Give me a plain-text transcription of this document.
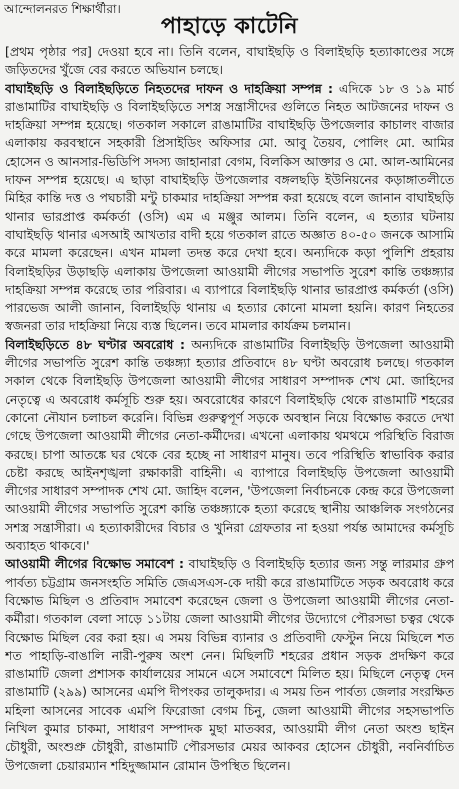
আন্দোলনরত শিক্ষার্থীরা।
পাহাড়ে কাটেনি

[প্রথম পৃষ্ঠার পর] দেওয়া হবে না। তিনি বলেন, বাঘাইছড়ি ও বিলাইছড়ি হত্যাকাণ্ডের সঙ্গে জড়িতদের খুঁজে বের করতে অভিযান চলছে।

বাঘাইছড়ি ও বিলাইছড়িতে নিহতদের দাফন ও দাহক্রিয়া সম্পন্ন : এদিকে ১৮ ও ১৯ মার্চ রাঙামাটির বাঘাইছড়ি ও বিলাইছড়িতে সশস্ত্র সন্ত্রাসীদের গুলিতে নিহত আটজনের দাফন ও দাহক্রিয়া সম্পন্ন হয়েছে। গতকাল সকালে রাঙামাটির বাঘাইছড়ি উপজেলার কাচালং বাজার এলাকায় করবস্থানে সহকারী প্রিসাইডিং অফিসার মো. আবু তৈয়ব, পোলিং মো. আমির হোসেন ও আনসার-ভিডিপি সদস্য জাহানারা বেগম, বিলকিস আক্তার ও মো. আল-আমিনের দাফন সম্পন্ন হয়েছে। এ ছাড়া বাঘাইছড়ি উপজেলার বঙ্গলছড়ি ইউনিয়নের কড়াঙ্গাতলীতে মিহির কান্তি দত্ত ও পঘচারী মন্টু চাকমার দাহক্রিয়া সম্পন্ন করা হয়েছে বলে জানান বাঘাইছড়ি থানার ভারপ্রাপ্ত কর্মকর্তা (ওসি) এম এ মঞ্জুর আলম। তিনি বলেন, এ হত্যার ঘটনায় বাঘাইছড়ি থানার এসআই আখতার বাদী হয়ে গতকাল রাতে অজ্ঞাত ৪০-৫০ জনকে আসামি করে মামলা করেছেন। এখন মামলা তদন্ত করে দেখা হবে। অন্যদিকে কড়া পুলিশি প্রহরায় বিলাইছড়ির উড়াছড়ি এলাকায় উপজেলা আওয়ামী লীগের সভাপতি সুরেশ কান্তি তঞ্চঙ্গ্যার দাহক্রিয়া সম্পন্ন করেছে তার পরিবার। এ ব্যাপারে বিলাইছড়ি থানার ভারপ্রাপ্ত কর্মকর্তা (ওসি) পারভেজ আলী জানান, বিলাইছড়ি থানায় এ হত্যার কোনো মামলা হয়নি। কারণ নিহতের স্বজনরা তার দাহক্রিয়া নিয়ে ব্যস্ত ছিলেন। তবে মামলার কার্যক্রম চলমান।

বিলাইছড়িতে ৪৮ ঘণ্টার অবরোধ : অন্যদিকে রাঙামাটির বিলাইছড়ি উপজেলা আওয়ামী লীগের সভাপতি সুরেশ কান্তি তঞ্চঙ্গ্যা হত্যার প্রতিবাদে ৪৮ ঘণ্টা অবরোধ চলছে। গতকাল সকাল থেকে বিলাইছড়ি উপজেলা আওয়ামী লীগের সাধারণ সম্পাদক শেখ মো. জাহিদের নেতৃত্বে এ অবরোধ কর্মসূচি শুরু হয়। অবরোধের কারণে বিলাইছড়ি থেকে রাঙামাটি শহরের কোনো নৌযান চলাচল করেনি। বিভিন্ন গুরুত্বপূর্ণ সড়কে অবস্থান নিয়ে বিক্ষোভ করতে দেখা গেছে উপজেলা আওয়ামী লীগের নেতা-কর্মীদের। এখনো এলাকায় থমথমে পরিস্থিতি বিরাজ করছে। চাপা আতঙ্কে ঘর থেকে বের হচ্ছে না সাধারণ মানুষ। তবে পরিস্থিতি স্বাভাবিক করার চেষ্টা করছে আইনশৃঙ্খলা রক্ষাকারী বাহিনী। এ ব্যাপারে বিলাইছড়ি উপজেলা আওয়ামী লীগের সাধারণ সম্পাদক শেখ মো. জাহিদ বলেন, 'উপজেলা নির্বাচনকে কেন্দ্র করে উপজেলা আওয়ামী লীগের সভাপতি সুরেশ কান্তি তঞ্চঙ্গ্যাকে হত্যা করেছে স্থানীয় আঞ্চলিক সংগঠনের সশস্ত্র সন্ত্রাসীরা। এ হত্যাকারীদের বিচার ও খুনিরা গ্রেফতার না হওয়া পর্যন্ত আমাদের কর্মসূচি অব্যাহত থাকবে।'

আওয়ামী লীগের বিক্ষোভ সমাবেশ : বাঘাইছড়ি ও বিলাইছড়ি হত্যার জন্য সন্তু লারমার গ্রুপ পার্বত্য চট্টগ্রাম জনসংহতি সমিতি জেএসএস-কে দায়ী করে রাঙামাটিতে সড়ক অবরোধ করে বিক্ষোভ মিছিল ও প্রতিবাদ সমাবেশ করেছেন জেলা ও উপজেলা আওয়ামী লীগের নেতা-কর্মীরা। গতকাল বেলা সাড়ে ১১টায় জেলা আওয়ামী লীগের উদ্যোগে পৌরসভা চত্বর থেকে বিক্ষোভ মিছিল বের করা হয়। এ সময় বিভিন্ন ব্যানার ও প্রতিবাদী ফেস্টুন নিয়ে মিছিলে শত শত পাহাড়ি-বাঙালি নারী-পুরুষ অংশ নেন। মিছিলটি শহরের প্রধান সড়ক প্রদক্ষিণ করে রাঙামাটি জেলা প্রশাসক কার্যালয়ের সামনে এসে সমাবেশে মিলিত হয়। মিছিলে নেতৃত্ব দেন রাঙামাটি (২৯৯) আসনের এমপি দীপংকর তালুকদার। এ সময় তিন পার্বত্য জেলার সংরক্ষিত মহিলা আসনের সাবেক এমপি ফিরোজা বেগম চিনু, জেলা আওয়ামী লীগের সহসভাপতি নিখিল কুমার চাকমা, সাধারণ সম্পাদক মুছা মাতব্বর, আওয়ামী লীগ নেতা অংশু ছাইন চৌধুরী, অংশুপ্রু চৌধুরী, রাঙামাটি পৌরসভার মেয়র আকবর হোসেন চৌধুরী, নবনির্বাচিত উপজেলা চেয়ারম্যান শহিদুজ্জামান রোমান উপস্থিত ছিলেন।
